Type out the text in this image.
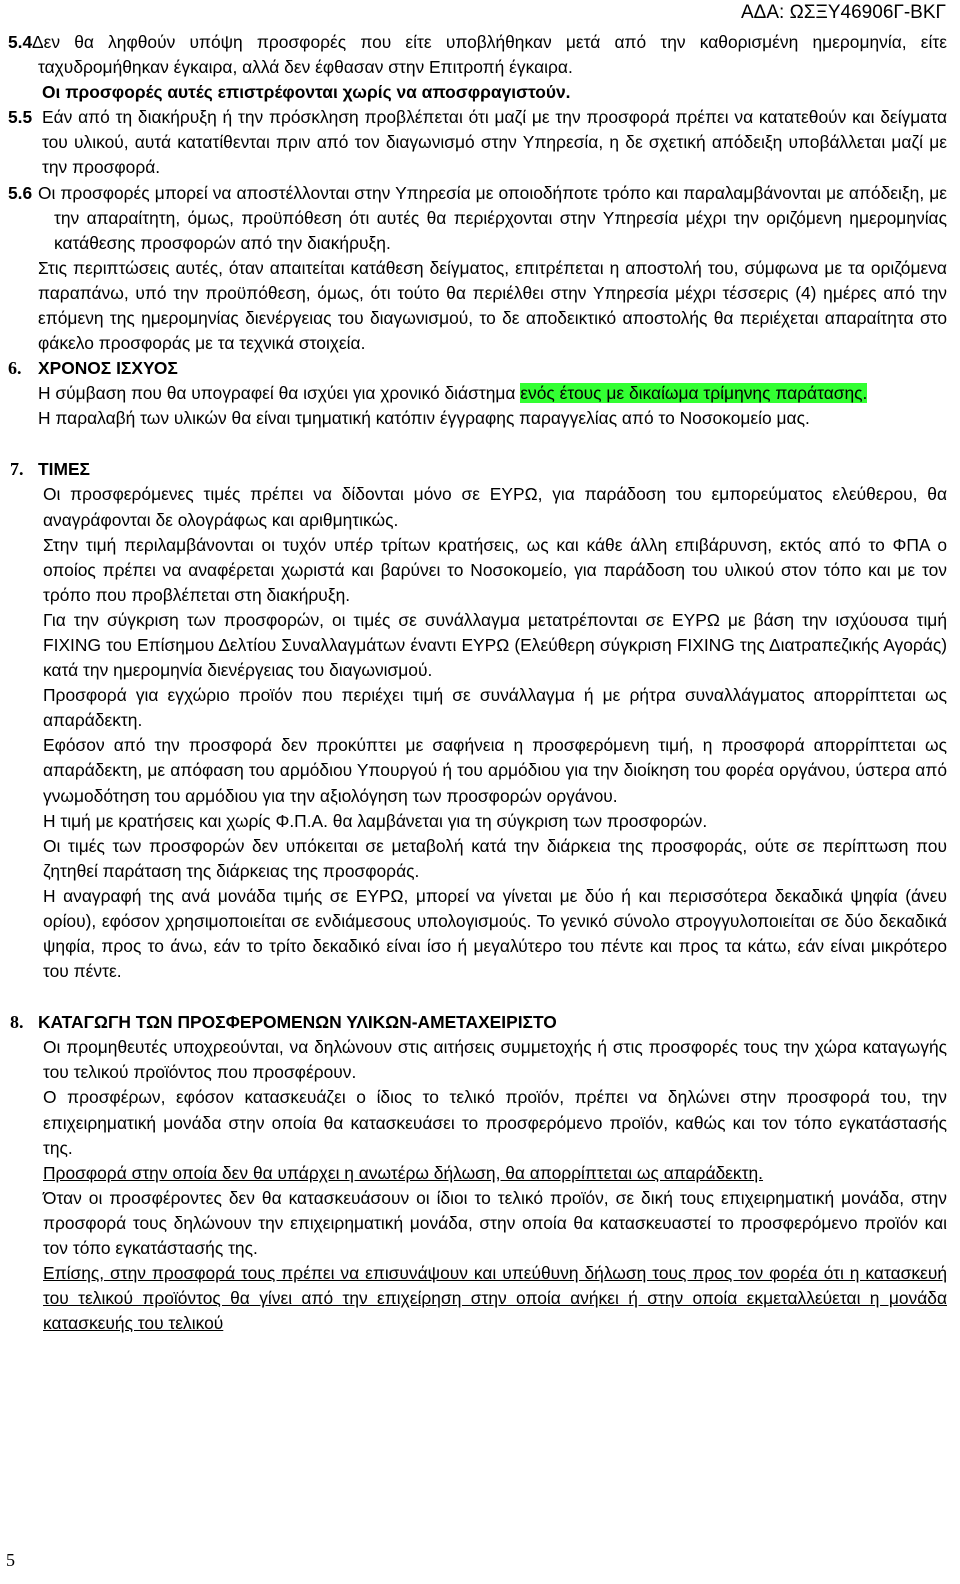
ΑΔΑ: ΩΣΞΥ46906Γ-ΒΚΓ
5.4 Δεν θα ληφθούν υπόψη προσφορές που είτε υποβλήθηκαν μετά από την καθορισμένη ημερομηνία, είτε ταχυδρομήθηκαν έγκαιρα, αλλά δεν έφθασαν στην Επιτροπή έγκαιρα.

Οι προσφορές αυτές επιστρέφονται χωρίς να αποσφραγιστούν.

5.5 Εάν από τη διακήρυξη ή την πρόσκληση προβλέπεται ότι μαζί με την προσφορά πρέπει να κατατεθούν και δείγματα του υλικού, αυτά κατατίθενται πριν από τον διαγωνισμό στην Υπηρεσία, η δε σχετική απόδειξη υποβάλλεται μαζί με την προσφορά.

5.6 Οι προσφορές μπορεί να αποστέλλονται στην Υπηρεσία με οποιοδήποτε τρόπο και παραλαμβάνονται με απόδειξη, με την απαραίτητη, όμως, προϋπόθεση ότι αυτές θα περιέρχονται στην Υπηρεσία μέχρι την οριζόμενη ημερομηνίας κατάθεσης προσφορών από την διακήρυξη.

Στις περιπτώσεις αυτές, όταν απαιτείται κατάθεση δείγματος, επιτρέπεται η αποστολή του, σύμφωνα με τα οριζόμενα παραπάνω, υπό την προϋπόθεση, όμως, ότι τούτο θα περιέλθει στην Υπηρεσία μέχρι τέσσερις (4) ημέρες από την επόμενη της ημερομηνίας διενέργειας του διαγωνισμού, το δε αποδεικτικό αποστολής θα περιέχεται απαραίτητα στο φάκελο προσφοράς με τα τεχνικά στοιχεία.

6. ΧΡΟΝΟΣ ΙΣΧΥΟΣ

Η σύμβαση που θα υπογραφεί θα ισχύει για χρονικό διάστημα ενός έτους με δικαίωμα τρίμηνης παράτασης.

Η παραλαβή των υλικών θα είναι τμηματική κατόπιν έγγραφης παραγγελίας από το Νοσοκομείο μας.

7. ΤΙΜΕΣ

Οι προσφερόμενες τιμές πρέπει να δίδονται μόνο σε ΕΥΡΩ, για παράδοση του εμπορεύματος ελεύθερου, θα αναγράφονται δε ολογράφως και αριθμητικώς.

Στην τιμή περιλαμβάνονται οι τυχόν υπέρ τρίτων κρατήσεις, ως και κάθε άλλη επιβάρυνση, εκτός από το ΦΠΑ ο οποίος πρέπει να αναφέρεται χωριστά και βαρύνει το Νοσοκομείο, για παράδοση του υλικού στον τόπο και με τον τρόπο που προβλέπεται στη διακήρυξη.

Για την σύγκριση των προσφορών, οι τιμές σε συνάλλαγμα μετατρέπονται σε ΕΥΡΩ με βάση την ισχύουσα τιμή FIXING του Επίσημου Δελτίου Συναλλαγμάτων έναντι ΕΥΡΩ (Ελεύθερη σύγκριση FIXING της Διατραπεζικής Αγοράς) κατά την ημερομηνία διενέργειας του διαγωνισμού.

Προσφορά για εγχώριο προϊόν που περιέχει τιμή σε συνάλλαγμα ή με ρήτρα συναλλάγματος απορρίπτεται ως απαράδεκτη.

Εφόσον από την προσφορά δεν προκύπτει με σαφήνεια η προσφερόμενη τιμή, η προσφορά απορρίπτεται ως απαράδεκτη, με απόφαση του αρμόδιου Υπουργού ή του αρμόδιου για την διοίκηση του φορέα οργάνου, ύστερα από γνωμοδότηση του αρμόδιου για την αξιολόγηση των προσφορών οργάνου.

Η τιμή με κρατήσεις και χωρίς Φ.Π.Α. θα λαμβάνεται για τη σύγκριση των προσφορών.

Οι τιμές των προσφορών δεν υπόκειται σε μεταβολή κατά την διάρκεια της προσφοράς, ούτε σε περίπτωση που ζητηθεί παράταση της διάρκειας της προσφοράς.

Η αναγραφή της ανά μονάδα τιμής σε ΕΥΡΩ, μπορεί να γίνεται με δύο ή και περισσότερα δεκαδικά ψηφία (άνευ ορίου), εφόσον χρησιμοποιείται σε ενδιάμεσους υπολογισμούς. Το γενικό σύνολο στρογγυλοποιείται σε δύο δεκαδικά ψηφία, προς το άνω, εάν το τρίτο δεκαδικό είναι ίσο ή μεγαλύτερο του πέντε και προς τα κάτω, εάν είναι μικρότερο του πέντε.

8. ΚΑΤΑΓΩΓΗ ΤΩΝ ΠΡΟΣΦΕΡΟΜΕΝΩΝ ΥΛΙΚΩΝ-ΑΜΕΤΑΧΕΙΡΙΣΤΟ

Οι προμηθευτές υποχρεούνται, να δηλώνουν στις αιτήσεις συμμετοχής ή στις προσφορές τους την χώρα καταγωγής του τελικού προϊόντος που προσφέρουν.

Ο προσφέρων, εφόσον κατασκευάζει ο ίδιος το τελικό προϊόν, πρέπει να δηλώνει στην προσφορά του, την επιχειρηματική μονάδα στην οποία θα κατασκευάσει το προσφερόμενο προϊόν, καθώς και τον τόπο εγκατάστασής της.

Προσφορά στην οποία δεν θα υπάρχει η ανωτέρω δήλωση, θα απορρίπτεται ως απαράδεκτη.

Όταν οι προσφέροντες δεν θα κατασκευάσουν οι ίδιοι το τελικό προϊόν, σε δική τους επιχειρηματική μονάδα, στην προσφορά τους δηλώνουν την επιχειρηματική μονάδα, στην οποία θα κατασκευαστεί το προσφερόμενο προϊόν και τον τόπο εγκατάστασής της.

Επίσης, στην προσφορά τους πρέπει να επισυνάψουν και υπεύθυνη δήλωση τους προς τον φορέα ότι η κατασκευή του τελικού προϊόντος θα γίνει από την επιχείρηση στην οποία ανήκει ή στην οποία εκμεταλλεύεται η μονάδα κατασκευής του τελικού

5
